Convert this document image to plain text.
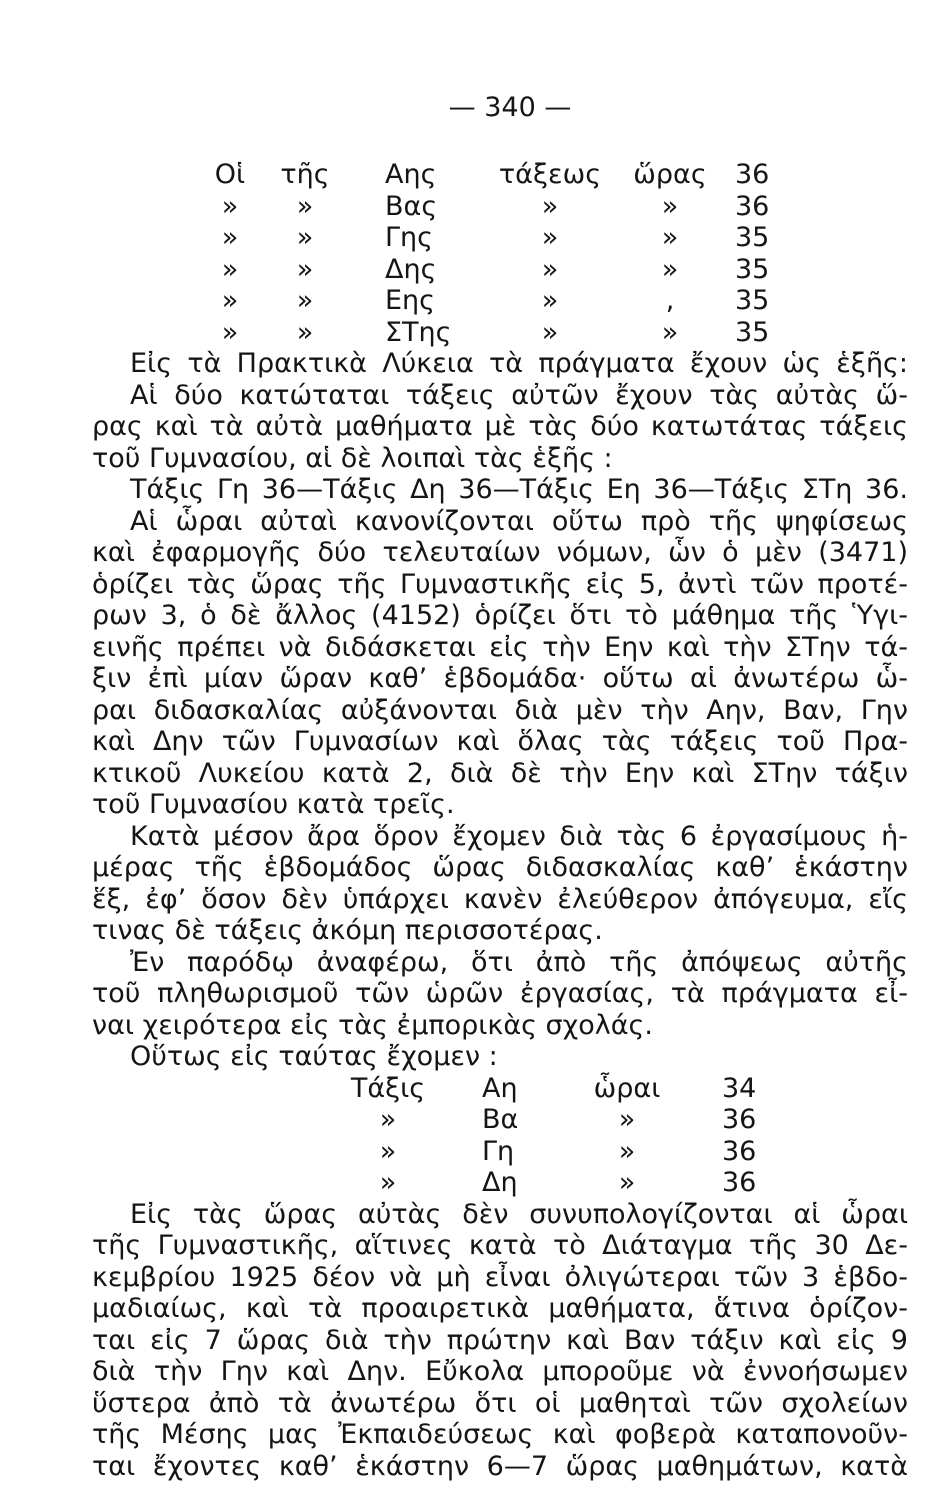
— 340 —
Οἱ	τῆς	Αης	τάξεως	ὥρας	36
»	»	Βας	»	»	36
»	»	Γης	»	»	35
»	»	Δης	»	»	35
»	»	Εης	»	,	35
»	»	ΣΤης	»	»	35
Εἰς τὰ Πρακτικὰ Λύκεια τὰ πράγματα ἔχουν ὡς ἑξῆς:
Αἱ δύο κατώταται τάξεις αὐτῶν ἔχουν τὰς αὐτὰς ὥ-
ρας καὶ τὰ αὐτὰ μαθήματα μὲ τὰς δύο κατωτάτας τάξεις
τοῦ Γυμνασίου, αἱ δὲ λοιπαὶ τὰς ἑξῆς :
Τάξις Γη 36—Τάξις Δη 36—Τάξις Εη 36—Τάξις ΣΤη 36.
Αἱ ὧραι αὐταὶ κανονίζονται οὕτω πρὸ τῆς ψηφίσεως
καὶ ἐφαρμογῆς δύο τελευταίων νόμων, ὧν ὁ μὲν (3471)
ὁρίζει τὰς ὥρας τῆς Γυμναστικῆς εἰς 5, ἀντὶ τῶν προτέ-
ρων 3, ὁ δὲ ἄλλος (4152) ὁρίζει ὅτι τὸ μάθημα τῆς Ὑγι-
εινῆς πρέπει νὰ διδάσκεται εἰς τὴν Εην καὶ τὴν ΣΤην τά-
ξιν ἐπὶ μίαν ὥραν καθ’ ἑβδομάδα· οὕτω αἱ ἀνωτέρω ὧ-
ραι διδασκαλίας αὐξάνονται διὰ μὲν τὴν Αην, Βαν, Γην
καὶ Δην τῶν Γυμνασίων καὶ ὅλας τὰς τάξεις τοῦ Πρα-
κτικοῦ Λυκείου κατὰ 2, διὰ δὲ τὴν Εην καὶ ΣΤην τάξιν
τοῦ Γυμνασίου κατὰ τρεῖς.
Κατὰ μέσον ἄρα ὅρον ἔχομεν διὰ τὰς 6 ἐργασίμους ἡ-
μέρας τῆς ἑβδομάδος ὥρας διδασκαλίας καθ’ ἑκάστην
ἕξ, ἐφ’ ὅσον δὲν ὑπάρχει κανὲν ἐλεύθερον ἀπόγευμα, εἴς
τινας δὲ τάξεις ἀκόμη περισσοτέρας.
Ἐν παρόδῳ ἀναφέρω, ὅτι ἀπὸ τῆς ἀπόψεως αὐτῆς
τοῦ πληθωρισμοῦ τῶν ὡρῶν ἐργασίας, τὰ πράγματα εἶ-
ναι χειρότερα εἰς τὰς ἐμπορικὰς σχολάς.
Οὕτως εἰς ταύτας ἔχομεν :
Τάξις	Αη	ὧραι	34
»	Βα	»	36
»	Γη	»	36
»	Δη	»	36
Εἰς τὰς ὥρας αὐτὰς δὲν συνυπολογίζονται αἱ ὧραι
τῆς Γυμναστικῆς, αἵτινες κατὰ τὸ Διάταγμα τῆς 30 Δε-
κεμβρίου 1925 δέον νὰ μὴ εἶναι ὀλιγώτεραι τῶν 3 ἑβδο-
μαδιαίως, καὶ τὰ προαιρετικὰ μαθήματα, ἅτινα ὁρίζον-
ται εἰς 7 ὥρας διὰ τὴν πρώτην καὶ Βαν τάξιν καὶ εἰς 9
διὰ τὴν Γην καὶ Δην. Εὔκολα μποροῦμε νὰ ἐννοήσωμεν
ὕστερα ἀπὸ τὰ ἀνωτέρω ὅτι οἱ μαθηταὶ τῶν σχολείων
τῆς Μέσης μας Ἐκπαιδεύσεως καὶ φοβερὰ καταπονοῦν-
ται ἔχοντες καθ’ ἑκάστην 6—7 ὥρας μαθημάτων, κατὰ
